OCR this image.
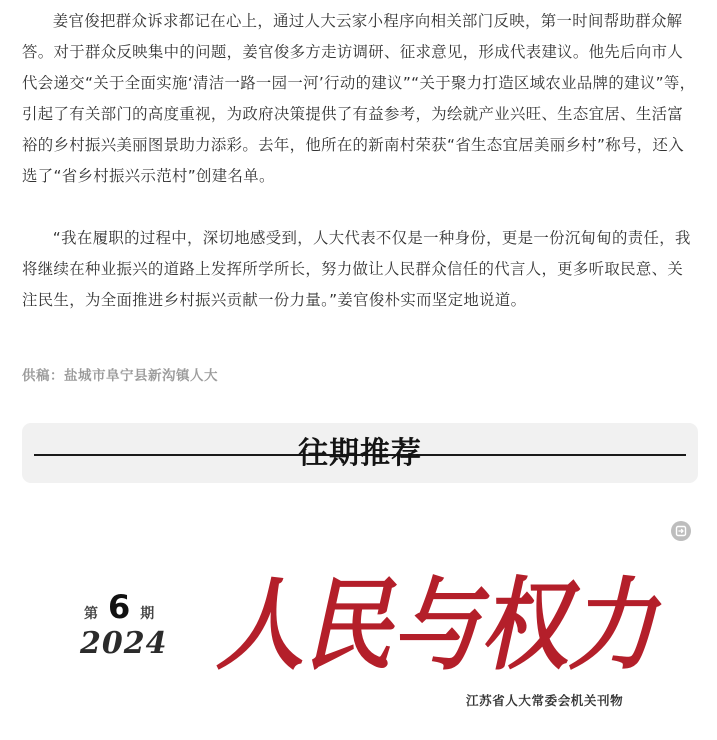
姜官俊把群众诉求都记在心上，通过人大云家小程序向相关部门反映，第一时间帮助群众解答。对于群众反映集中的问题，姜官俊多方走访调研、征求意见，形成代表建议。他先后向市人代会递交“关于全面实施‘清洁一路一园一河’行动的建议”“关于聚力打造区域农业品牌的建议”等，引起了有关部门的高度重视，为政府决策提供了有益参考，为绘就产业兴旺、生态宜居、生活富裕的乡村振兴美丽图景助力添彩。去年，他所在的新南村荣获“省生态宜居美丽乡村”称号，还入选了“省乡村振兴示范村”创建名单。

“我在履职的过程中，深切地感受到，人大代表不仅是一种身份，更是一份沉甸甸的责任，我将继续在种业振兴的道路上发挥所学所长，努力做让人民群众信任的代言人，更多听取民意、关注民生，为全面推进乡村振兴贡献一份力量。”姜官俊朴实而坚定地说道。

供稿：盐城市阜宁县新沟镇人大
往期推荐
第 6 期
2024 人民与权力
江苏省人大常委会机关刊物
